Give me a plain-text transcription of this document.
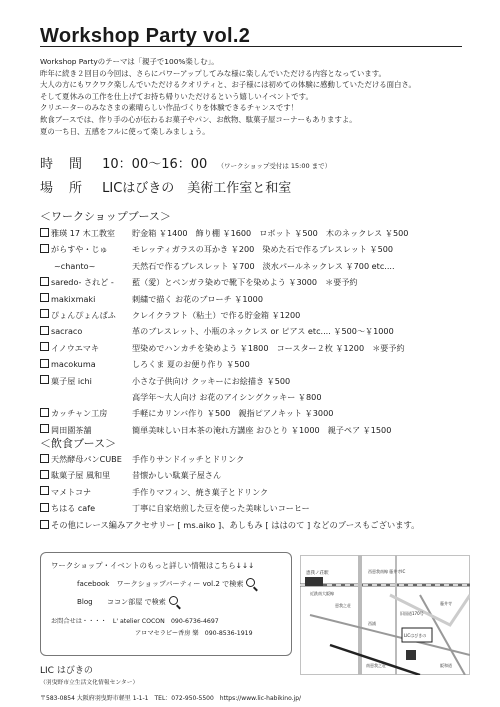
Workshop Party vol.2
Workshop Partyのテーマは「親子で100%楽しむ」。
昨年に続き２回目の今回は、さらにパワーアップしてみな様に楽しんでいただける内容となっています。
大人の方にもワクワク楽しんでいただけるクオリティと、お子様には初めての体験に感動していただける面白さ。
そして夏休みの工作を仕上げてお持ち帰りいただけるという嬉しいイベントです。
クリエーターのみなさまの素晴らしい作品づくりを体験できるチャンスです！
飲食ブースでは、作り手の心が伝わるお菓子やパン、お飲物、駄菓子屋コーナーもありますよ。
夏の一ち日、五感をフルに使って楽しみましょう。
時間 10：00～16：00 （ワークショップ受付は 15:00 まで）
場所 LICはびきの　美術工作室と和室
＜ワークショップブース＞
雅瑛 17 木工教室 貯金箱 ￥1400　飾り棚 ￥1600　ロボット ￥500　木のネックレス ￥500
がらすや・じゅ	モレッティガラスの耳かき ￥200　染めた石で作るブレスレット ￥500
~chanto~	天然石で作るブレスレット ￥700　淡水パールネックレス ￥700 etc....
saredo- されど - 藍（愛）とベンガラ染めで靴下を染めよう ￥3000　＊要予約
makixmaki	刺繍で描く お花のブローチ ￥1000
ぴょんぴょんぱふ クレイクラフト（粘土）で作る貯金箱 ￥1200
sacraco	革のブレスレット、小瓶のネックレス or ピアス etc.... ￥500～￥1000
イノウエマキ	型染めでハンカチを染めよう ￥1800　コースター２枚 ￥1200　＊要予約
macokuma	しろくま 夏のお便り作り ￥500
菓子屋 ichi	小さな子供向け クッキーにお絵描き ￥500
高学年～大人向け お花のアイシングクッキー ￥800
カッチャン工房	手軽にカリンバ作り ￥500　親指ピアノキット ￥3000
岡田園茶舗	簡単美味しい日本茶の淹れ方講座 おひとり ￥1000　親子ペア ￥1500
＜飲食ブース＞
天然酵母パンCUBE 手作りサンドイッチとドリンク
駄菓子屋 風和里	昔懐かしい駄菓子屋さん
マメトコナ	手作りマフィン、焼き菓子とドリンク
ちはる cafe	丁寧に自家焙煎した豆を使った美味しいコーヒー
その他にレース編みアクセサリー [ ms.aiko ]、あしもみ [ ははのて ] などのブースもございます。
ワークショップ・イベントのもっと詳しい情報はこちら↓↓↓
facebook　ワークショップパーティー vol.2 で検索
Blog　　ココン部屋 で検索
お問合せは・・・・　L' atelier COCON　090-6736-4697
アロマセラピー香房 樂　090-8536-1919
恵我ノ荘駅
近鉄南大阪線
西恵我南線 藤井寺IC
LICはびきの
恵我之荘
旧国道170号
西浦
南恵我之荘	阪和道
藤井寺
LIC はびきの
（羽曳野市立生活文化情報センター）
〒583-0854 大阪府羽曳野市軽里 1-1-1　TEL：072-950-5500　https://www.lic-habikino.jp/
